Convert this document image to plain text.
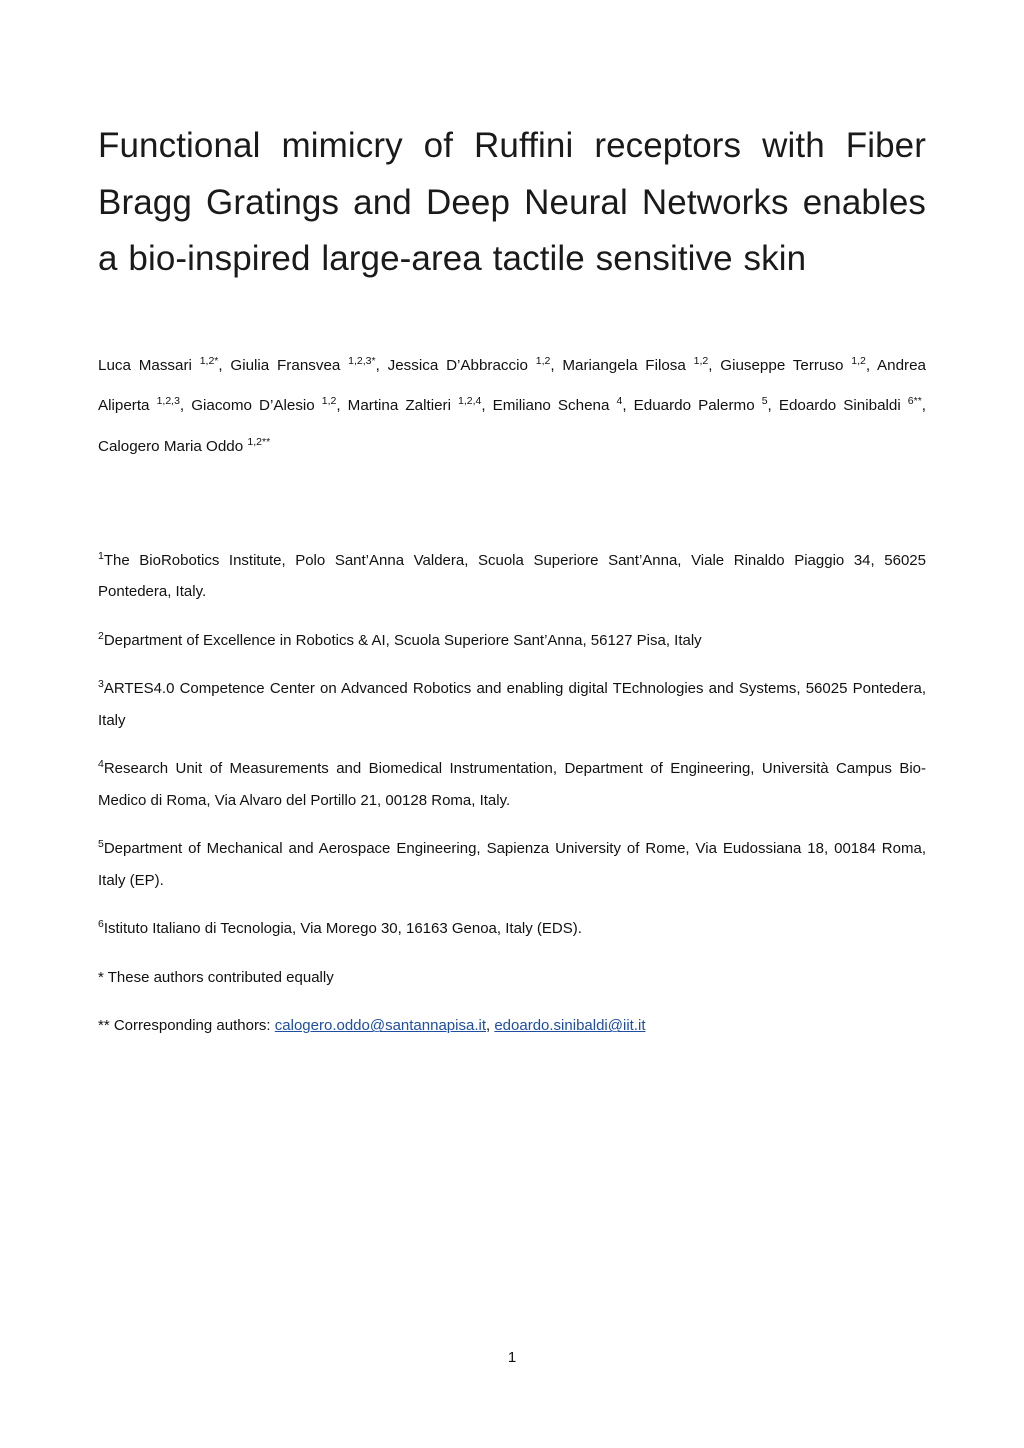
Functional mimicry of Ruffini receptors with Fiber Bragg Gratings and Deep Neural Networks enables a bio-inspired large-area tactile sensitive skin
Luca Massari $^{1,2*}$, Giulia Fransvea $^{1,2,3*}$, Jessica D’Abbraccio $^{1,2}$, Mariangela Filosa $^{1,2}$, Giuseppe Terruso $^{1,2}$, Andrea Aliperta $^{1,2,3}$, Giacomo D’Alesio $^{1,2}$, Martina Zaltieri $^{1,2,4}$, Emiliano Schena $^4$, Eduardo Palermo $^5$, Edoardo Sinibaldi $^{6**}$, Calogero Maria Oddo $^{1,2**}$

$^1$The BioRobotics Institute, Polo Sant’Anna Valdera, Scuola Superiore Sant’Anna, Viale Rinaldo Piaggio 34, 56025 Pontedera, Italy.

$^2$Department of Excellence in Robotics & AI, Scuola Superiore Sant’Anna, 56127 Pisa, Italy

$^3$ARTES4.0 Competence Center on Advanced Robotics and enabling digital TEchnologies and Systems, 56025 Pontedera, Italy

$^4$Research Unit of Measurements and Biomedical Instrumentation, Department of Engineering, Università Campus Bio-Medico di Roma, Via Alvaro del Portillo 21, 00128 Roma, Italy.

$^5$Department of Mechanical and Aerospace Engineering, Sapienza University of Rome, Via Eudossiana 18, 00184 Roma, Italy (EP).

$^6$Istituto Italiano di Tecnologia, Via Morego 30, 16163 Genoa, Italy (EDS).

* These authors contributed equally

** Corresponding authors: calogero.oddo@santannapisa.it, edoardo.sinibaldi@iit.it

1
